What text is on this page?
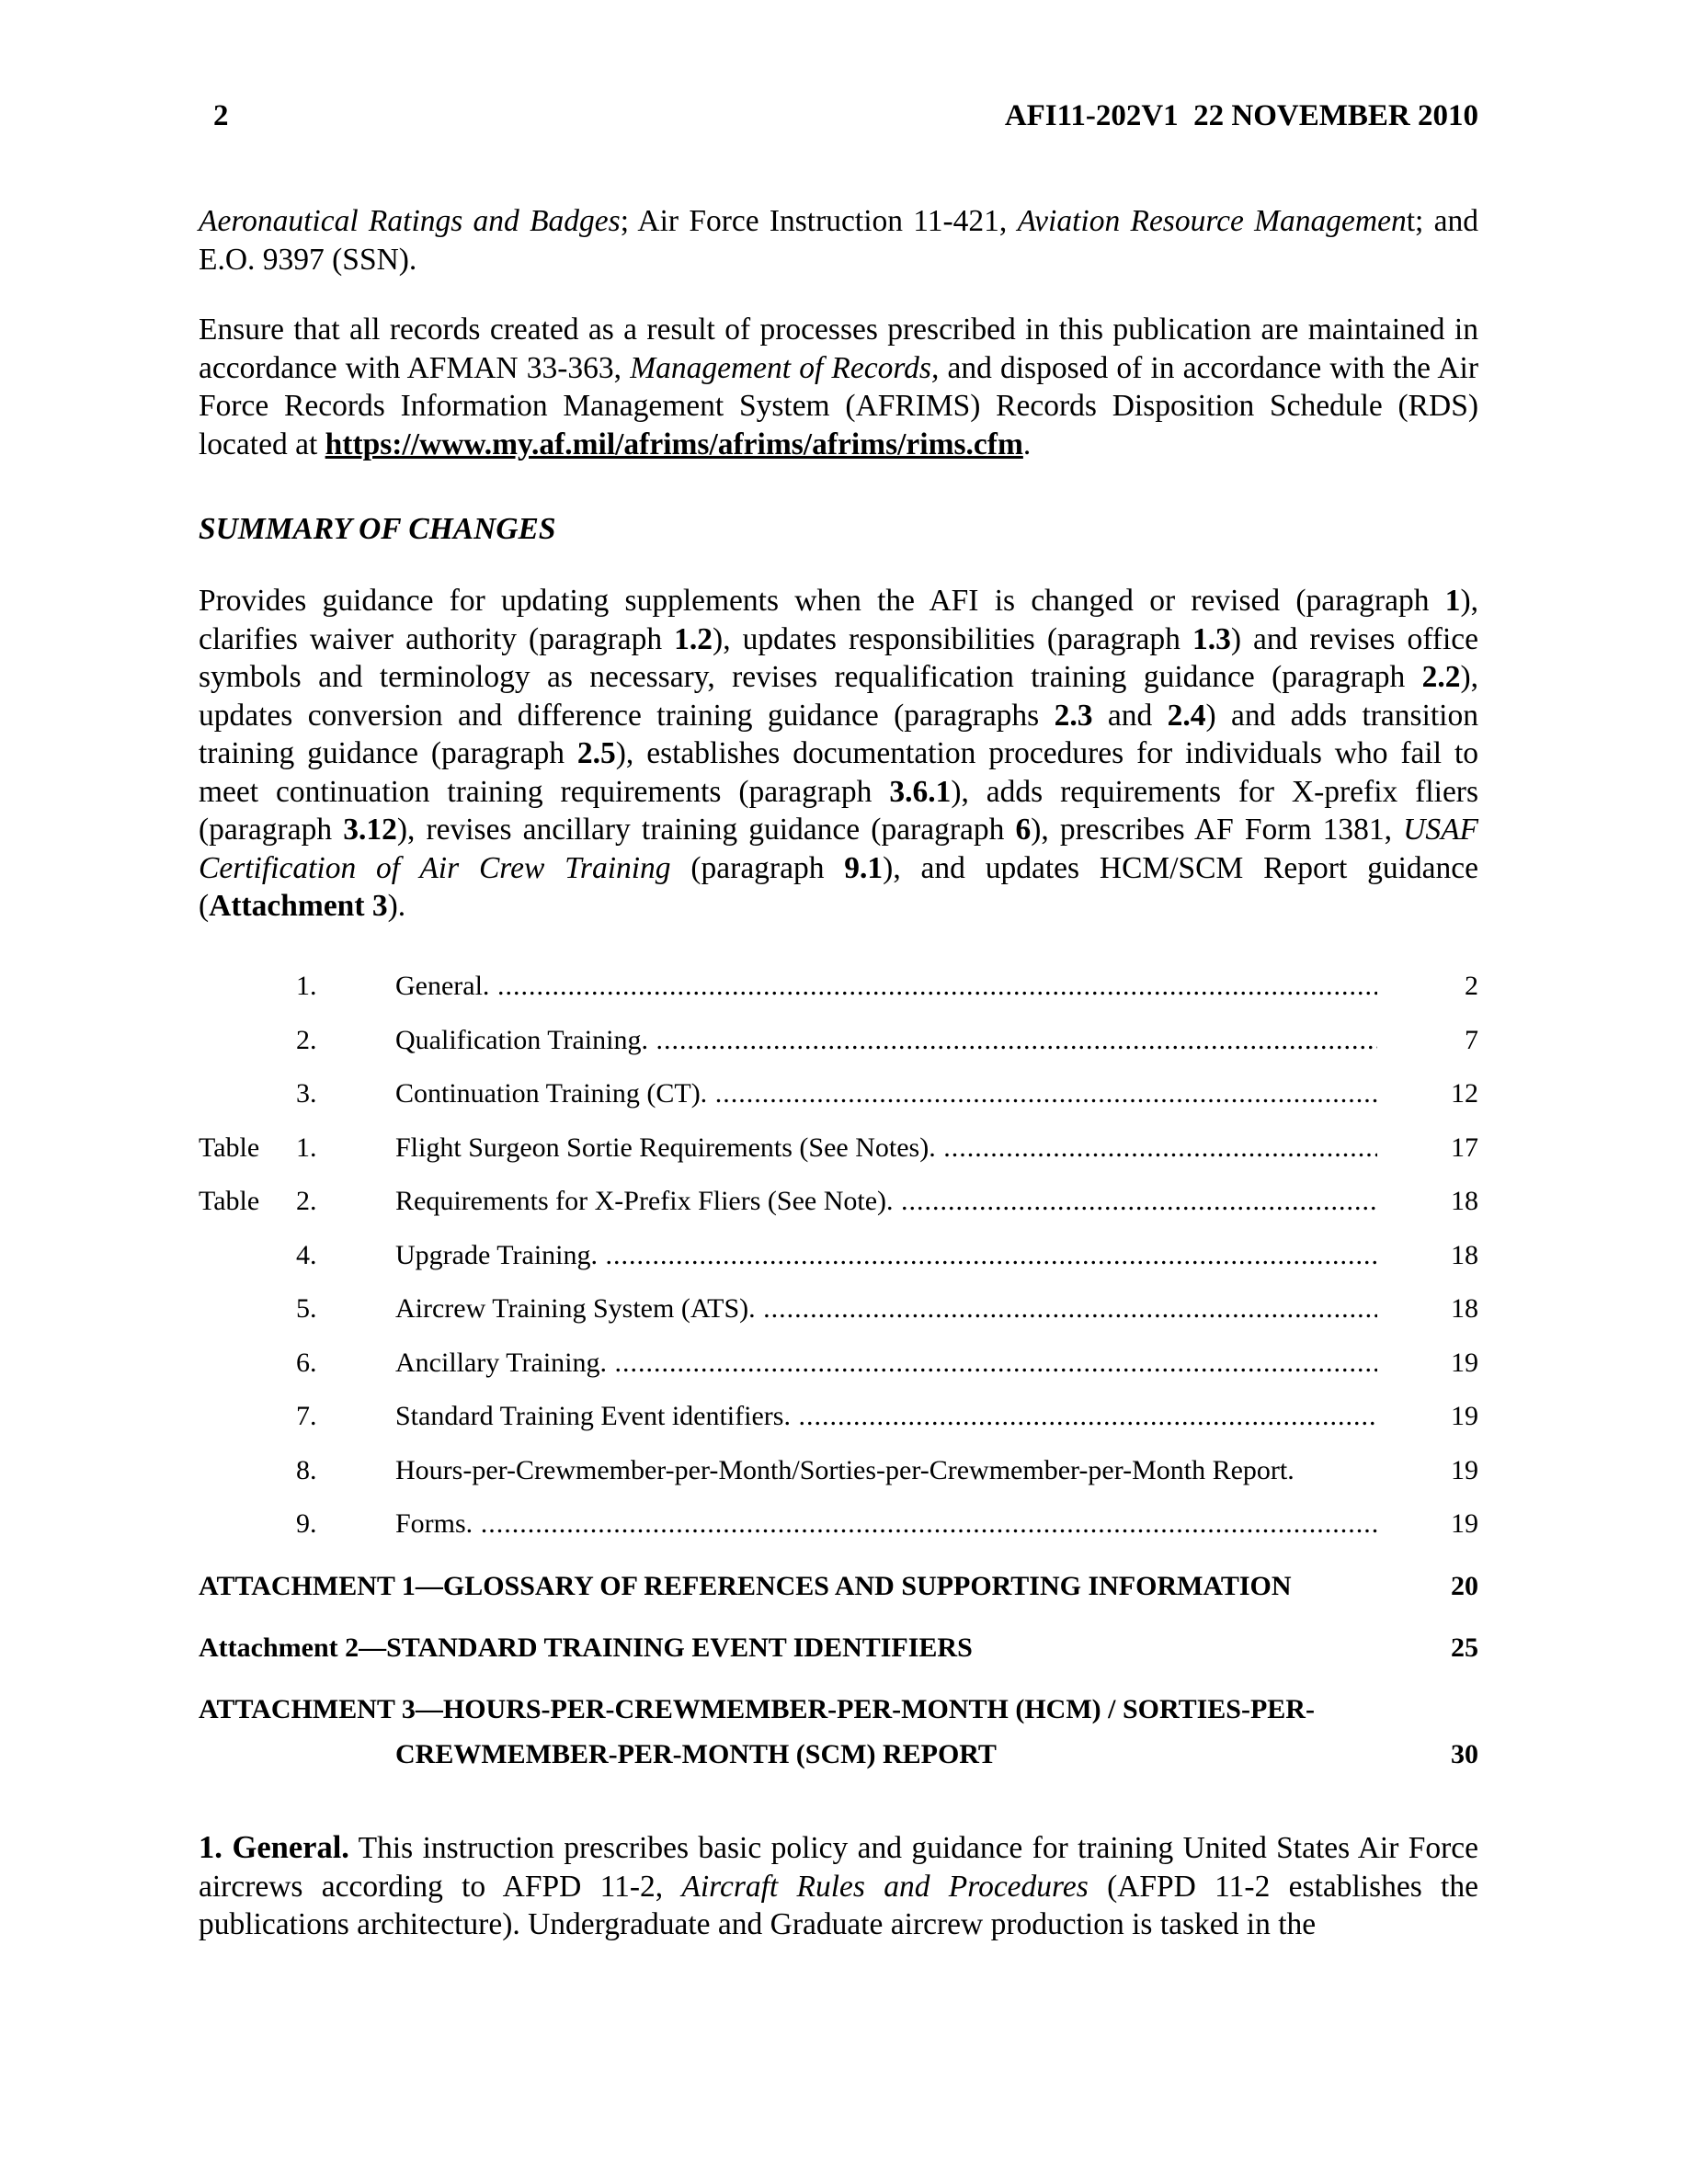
2	AFI11-202V1  22 NOVEMBER 2010
Aeronautical Ratings and Badges; Air Force Instruction 11-421, Aviation Resource Management; and E.O. 9397 (SSN).
Ensure that all records created as a result of processes prescribed in this publication are maintained in accordance with AFMAN 33-363, Management of Records, and disposed of in accordance with the Air Force Records Information Management System (AFRIMS) Records Disposition Schedule (RDS) located at https://www.my.af.mil/afrims/afrims/afrims/rims.cfm.
SUMMARY OF CHANGES
Provides guidance for updating supplements when the AFI is changed or revised (paragraph 1), clarifies waiver authority (paragraph 1.2), updates responsibilities (paragraph 1.3) and revises office symbols and terminology as necessary, revises requalification training guidance (paragraph 2.2), updates conversion and difference training guidance (paragraphs 2.3 and 2.4) and adds transition training guidance (paragraph 2.5), establishes documentation procedures for individuals who fail to meet continuation training requirements (paragraph 3.6.1), adds requirements for X-prefix fliers (paragraph 3.12), revises ancillary training guidance (paragraph 6), prescribes AF Form 1381, USAF Certification of Air Crew Training (paragraph 9.1), and updates HCM/SCM Report guidance (Attachment 3).
1.	General. .....	2
2.	Qualification Training. .....	7
3.	Continuation Training (CT). .....	12
Table 1.	Flight Surgeon Sortie Requirements (See Notes). .....	17
Table 2.	Requirements for X-Prefix Fliers (See Note). .....	18
4.	Upgrade Training. .....	18
5.	Aircrew Training System (ATS). .....	18
6.	Ancillary Training. .....	19
7.	Standard Training Event identifiers. .....	19
8.	Hours-per-Crewmember-per-Month/Sorties-per-Crewmember-per-Month Report.	19
9.	Forms. .....	19
ATTACHMENT 1—GLOSSARY OF REFERENCES AND SUPPORTING INFORMATION	20
Attachment 2—STANDARD TRAINING EVENT IDENTIFIERS	25
ATTACHMENT 3—HOURS-PER-CREWMEMBER-PER-MONTH (HCM) / SORTIES-PER-
CREWMEMBER-PER-MONTH (SCM) REPORT	30
1. General. This instruction prescribes basic policy and guidance for training United States Air Force aircrews according to AFPD 11-2, Aircraft Rules and Procedures (AFPD 11-2 establishes the publications architecture). Undergraduate and Graduate aircrew production is tasked in the
